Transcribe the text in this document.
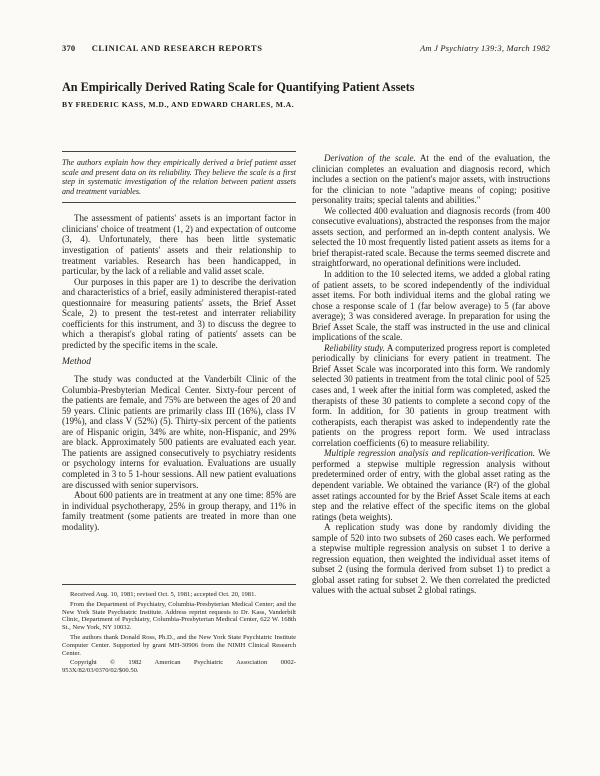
370 CLINICAL AND RESEARCH REPORTS	Am J Psychiatry 139:3, March 1982
An Empirically Derived Rating Scale for Quantifying Patient Assets
BY FREDERIC KASS, M.D., AND EDWARD CHARLES, M.A.
The authors explain how they empirically derived a brief patient asset scale and present data on its reliability. They believe the scale is a first step in systematic investigation of the relation between patient assets and treatment variables.

The assessment of patients' assets is an important factor in clinicians' choice of treatment (1, 2) and expectation of outcome (3, 4). Unfortunately, there has been little systematic investigation of patients' assets and their relationship to treatment variables. Research has been handicapped, in particular, by the lack of a reliable and valid asset scale.

Our purposes in this paper are 1) to describe the derivation and characteristics of a brief, easily administered therapist-rated questionnaire for measuring patients' assets, the Brief Asset Scale, 2) to present the test-retest and interrater reliability coefficients for this instrument, and 3) to discuss the degree to which a therapist's global rating of patients' assets can be predicted by the specific items in the scale.

Method

The study was conducted at the Vanderbilt Clinic of the Columbia-Presbyterian Medical Center. Sixty-four percent of the patients are female, and 75% are between the ages of 20 and 59 years. Clinic patients are primarily class III (16%), class IV (19%), and class V (52%) (5). Thirty-six percent of the patients are of Hispanic origin, 34% are white, non-Hispanic, and 29% are black. Approximately 500 patients are evaluated each year. The patients are assigned consecutively to psychiatry residents or psychology interns for evaluation. Evaluations are usually completed in 3 to 5 1-hour sessions. All new patient evaluations are discussed with senior supervisors.

About 600 patients are in treatment at any one time: 85% are in individual psychotherapy, 25% in group therapy, and 11% in family treatment (some patients are treated in more than one modality).

Received Aug. 10, 1981; revised Oct. 5, 1981; accepted Oct. 20, 1981.

From the Department of Psychiatry, Columbia-Presbyterian Medical Center; and the New York State Psychiatric Institute. Address reprint requests to Dr. Kass, Vanderbilt Clinic, Department of Psychiatry, Columbia-Presbyterian Medical Center, 622 W. 168th St., New York, NY 10032.

The authors thank Donald Ross, Ph.D., and the New York State Psychiatric Institute Computer Center. Supported by grant MH-30906 from the NIMH Clinical Research Center.

Copyright © 1982 American Psychiatric Association 0002-953X/82/03/0370/02/$00.50.

Derivation of the scale. At the end of the evaluation, the clinician completes an evaluation and diagnosis record, which includes a section on the patient's major assets, with instructions for the clinician to note "adaptive means of coping; positive personality traits; special talents and abilities."

We collected 400 evaluation and diagnosis records (from 400 consecutive evaluations), abstracted the responses from the major assets section, and performed an in-depth content analysis. We selected the 10 most frequently listed patient assets as items for a brief therapist-rated scale. Because the terms seemed discrete and straightforward, no operational definitions were included.

In addition to the 10 selected items, we added a global rating of patient assets, to be scored independently of the individual asset items. For both individual items and the global rating we chose a response scale of 1 (far below average) to 5 (far above average); 3 was considered average. In preparation for using the Brief Asset Scale, the staff was instructed in the use and clinical implications of the scale.

Reliability study. A computerized progress report is completed periodically by clinicians for every patient in treatment. The Brief Asset Scale was incorporated into this form. We randomly selected 30 patients in treatment from the total clinic pool of 525 cases and, 1 week after the initial form was completed, asked the therapists of these 30 patients to complete a second copy of the form. In addition, for 30 patients in group treatment with cotherapists, each therapist was asked to independently rate the patients on the progress report form. We used intraclass correlation coefficients (6) to measure reliability.

Multiple regression analysis and replication-verification. We performed a stepwise multiple regression analysis without predetermined order of entry, with the global asset rating as the dependent variable. We obtained the variance (R²) of the global asset ratings accounted for by the Brief Asset Scale items at each step and the relative effect of the specific items on the global ratings (beta weights).

A replication study was done by randomly dividing the sample of 520 into two subsets of 260 cases each. We performed a stepwise multiple regression analysis on subset 1 to derive a regression equation, then weighted the individual asset items of subset 2 (using the formula derived from subset 1) to predict a global asset rating for subset 2. We then correlated the predicted values with the actual subset 2 global ratings.
